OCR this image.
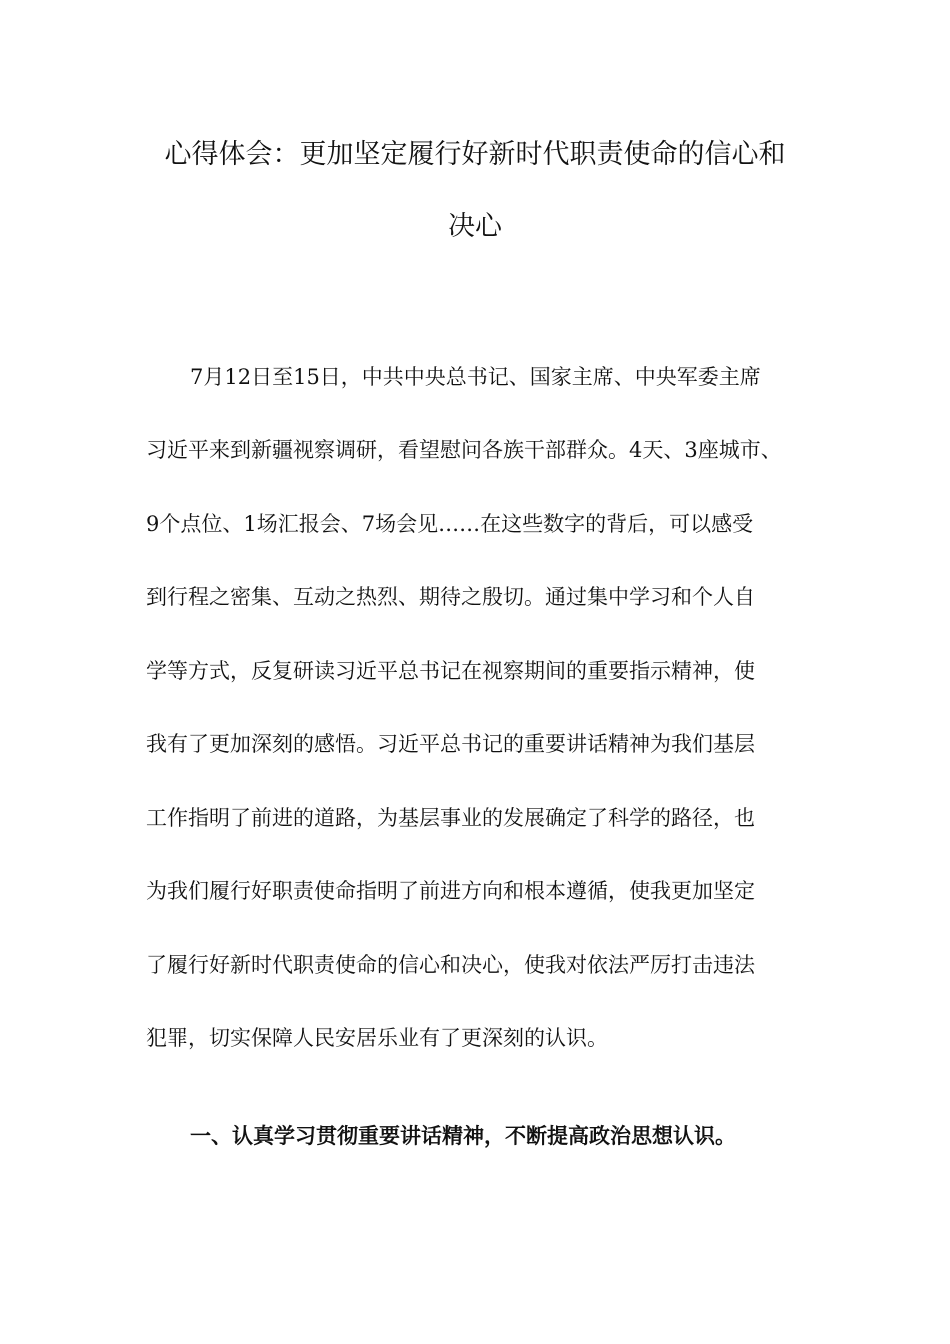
心得体会：更加坚定履行好新时代职责使命的信心和
决心

7月12日至15日，中共中央总书记、国家主席、中央军委主席

习近平来到新疆视察调研，看望慰问各族干部群众。4天、3座城市、

9个点位、1场汇报会、7场会见……在这些数字的背后，可以感受

到行程之密集、互动之热烈、期待之殷切。通过集中学习和个人自

学等方式，反复研读习近平总书记在视察期间的重要指示精神，使

我有了更加深刻的感悟。习近平总书记的重要讲话精神为我们基层

工作指明了前进的道路，为基层事业的发展确定了科学的路径，也

为我们履行好职责使命指明了前进方向和根本遵循，使我更加坚定

了履行好新时代职责使命的信心和决心，使我对依法严厉打击违法

犯罪，切实保障人民安居乐业有了更深刻的认识。

一、认真学习贯彻重要讲话精神，不断提高政治思想认识。
